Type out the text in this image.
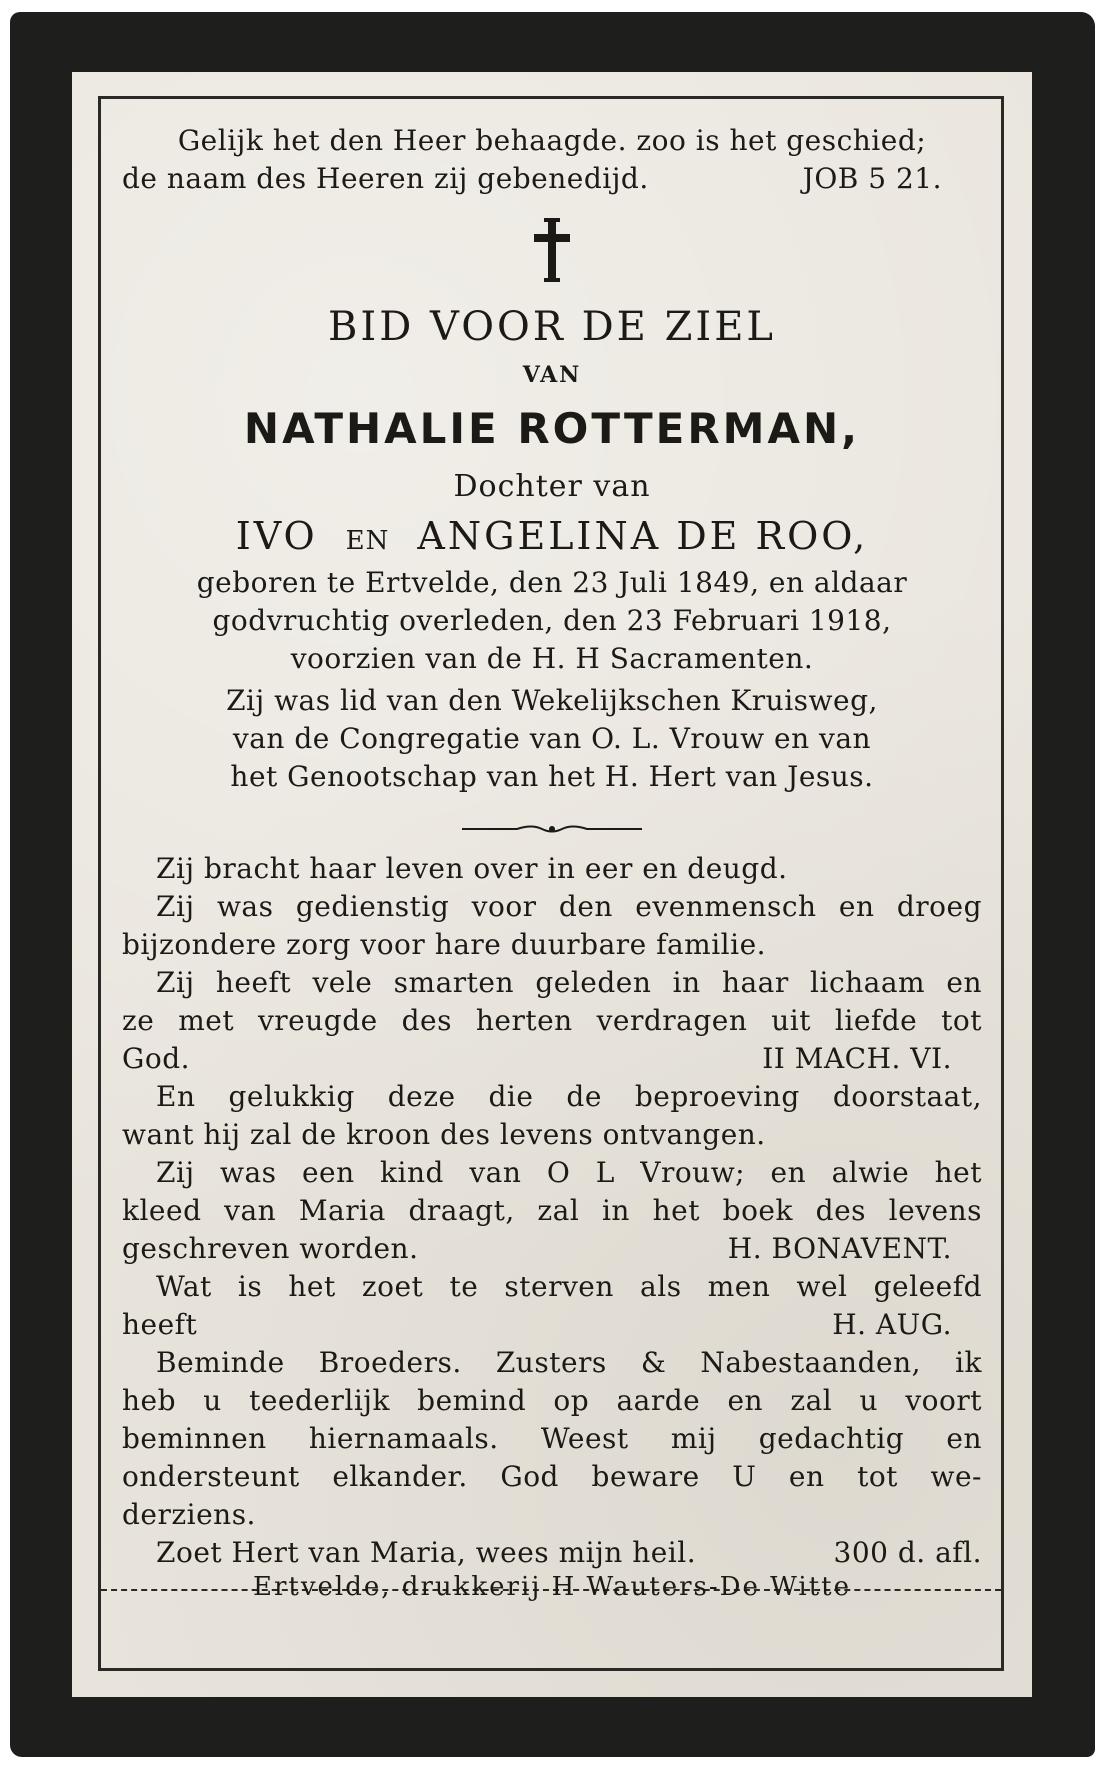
Gelijk het den Heer behaagde. zoo is het geschied;
de naam des Heeren zij gebenedijd.	JOB 5 21.
BID VOOR DE ZIEL
VAN
NATHALIE ROTTERMAN,
Dochter van
IVO EN ANGELINA DE ROO,
geboren te Ertvelde, den 23 Juli 1849, en aldaar
godvruchtig overleden, den 23 Februari 1918,
voorzien van de H. H Sacramenten.
Zij was lid van den Wekelijkschen Kruisweg,
van de Congregatie van O. L. Vrouw en van
het Genootschap van het H. Hert van Jesus.
Zij bracht haar leven over in eer en deugd.
Zij was gedienstig voor den evenmensch en droeg
bijzondere zorg voor hare duurbare familie.
Zij heeft vele smarten geleden in haar lichaam en
ze met vreugde des herten verdragen uit liefde tot
God.	II MACH. VI.
En gelukkig deze die de beproeving doorstaat,
want hij zal de kroon des levens ontvangen.
Zij was een kind van O L Vrouw; en alwie het
kleed van Maria draagt, zal in het boek des levens
geschreven worden.	H. BONAVENT.
Wat is het zoet te sterven als men wel geleefd
heeft	H. AUG.
Beminde Broeders. Zusters & Nabestaanden, ik
heb u teederlijk bemind op aarde en zal u voort
beminnen hiernamaals. Weest mij gedachtig en
ondersteunt elkander. God beware U en tot we-
derziens.
Zoet Hert van Maria, wees mijn heil.	300 d. afl.
Ertvelde, drukkerij H Wauters-De Witte
